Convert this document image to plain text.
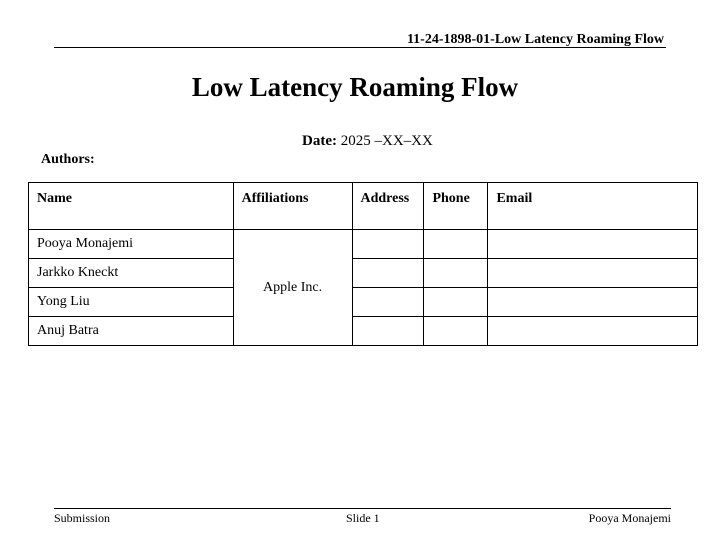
11-24-1898-01-Low Latency Roaming Flow
Low Latency Roaming Flow
Date: 2025 –XX–XX
Authors:
Name	Affiliations	Address	Phone	Email
Pooya Monajemi	Apple Inc.			
Jarkko Kneckt				
Yong Liu				
Anuj Batra				
Submission	Slide 1	Pooya Monajemi
